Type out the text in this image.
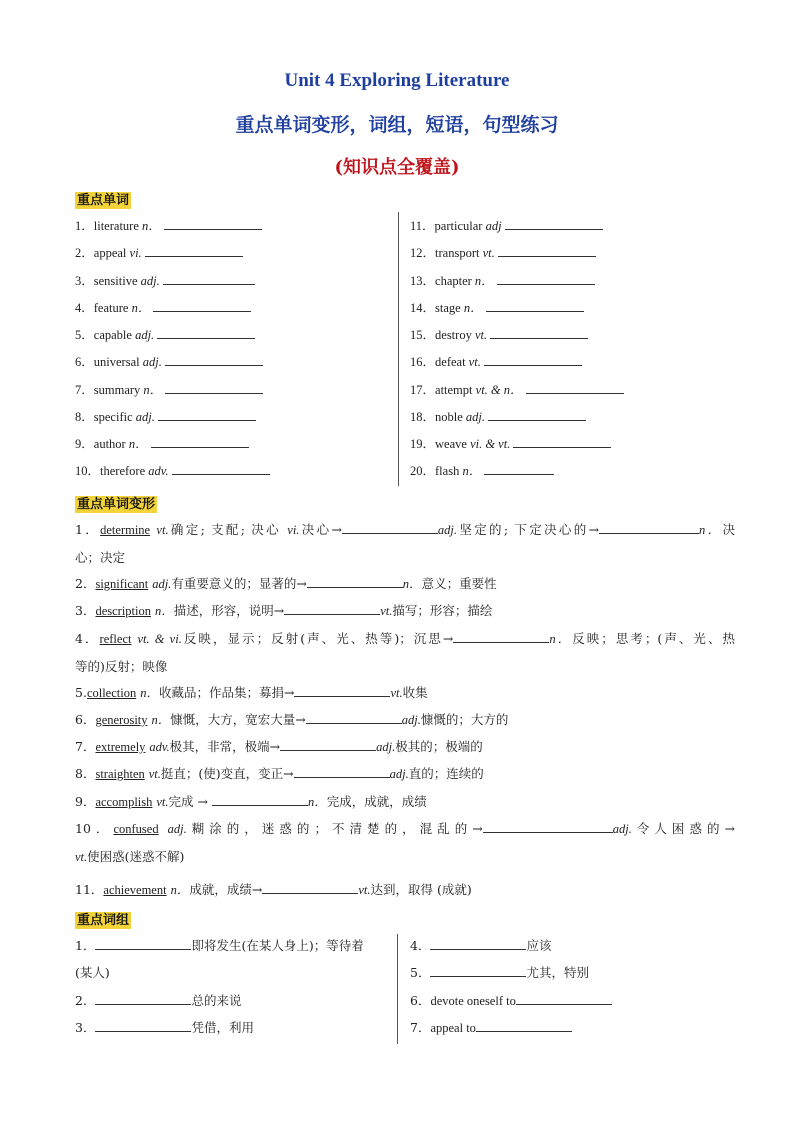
Unit 4 Exploring Literature
重点单词变形，词组，短语，句型练习
(知识点全覆盖)
重点单词
1．literature n．
2．appeal vi.
3．sensitive adj.
4．feature n．
5．capable adj.
6．universal adj.
7．summary n．
8．specific adj.
9．author n．
10．therefore adv.
11．particular adj
12．transport vt.
13．chapter n．
14．stage n．
15．destroy vt.
16．defeat vt.
17．attempt vt. & n．
18．noble adj.
19．weave vi. & vt.
20．flash n．
重点单词变形
1．determine vt.确定; 支配; 决心 vi.决心→	adj.坚定的; 下定决心的→	n．决
心；决定
2．significant adj.有重要意义的；显著的→	n．意义；重要性
3．description n．描述，形容，说明→	vt.描写；形容；描绘
4．reflect vt. & vi.反映，显示；反射(声、光、热等)；沉思→	n．反映；思考；(声、光、热
等的)反射；映像
5.collection n．收藏品；作品集；募捐→	vt.收集
6．generosity n．慷慨，大方，宽宏大量→	adj.慷慨的；大方的
7．extremely adv.极其，非常，极端→	adj.极其的；极端的
8．straighten vt.挺直；(使)变直，变正→	adj.直的；连续的
9．accomplish vt.完成 →	n．完成，成就，成绩
10．confused adj.糊涂的，迷惑的；不清楚的，混乱的→	adj.令人困惑的→
vt.使困惑(迷惑不解)
11．achievement n．成就，成绩→	vt.达到，取得 (成就)
重点词组
1．	即将发生(在某人身上)；等待着
(某人)
2．	总的来说
3．	凭借，利用
4．	应该
5．	尤其，特别
6．devote oneself to
7．appeal to
